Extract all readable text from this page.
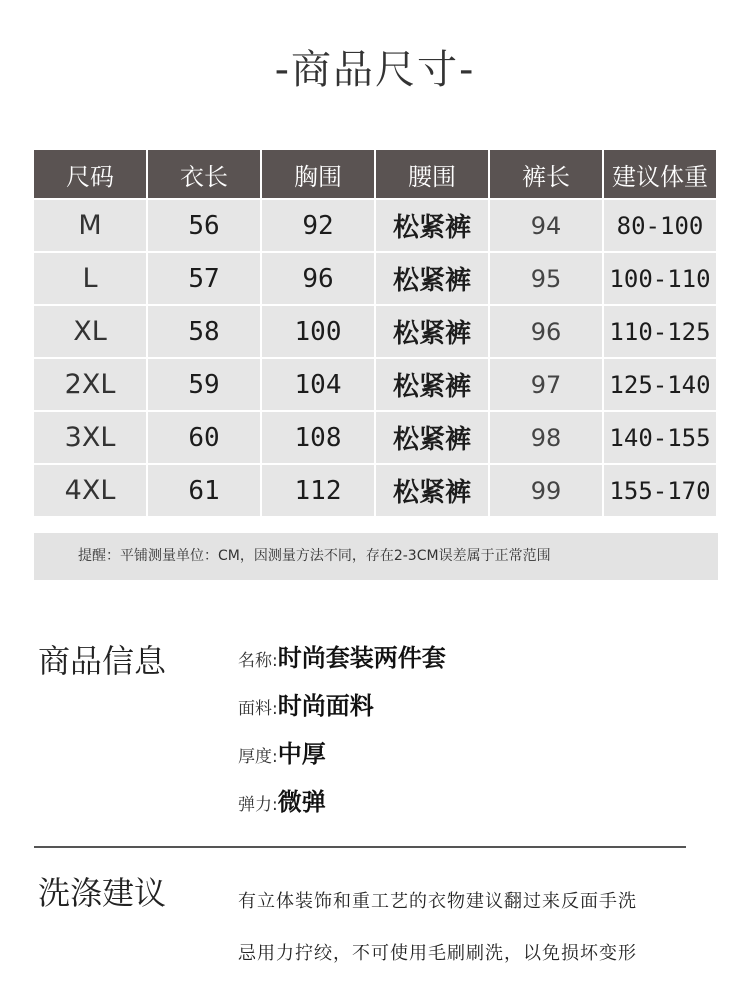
-商品尺寸-
尺码	衣长	胸围	腰围	裤长	建议体重
M	56	92	松紧裤	94	80-100
L	57	96	松紧裤	95	100-110
XL	58	100	松紧裤	96	110-125
2XL	59	104	松紧裤	97	125-140
3XL	60	108	松紧裤	98	140-155
4XL	61	112	松紧裤	99	155-170
提醒：平铺测量单位：CM，因测量方法不同，存在2-3CM误差属于正常范围
商品信息	名称:时尚套装两件套
面料:时尚面料
厚度:中厚
弹力:微弹
洗涤建议	有立体装饰和重工艺的衣物建议翻过来反面手洗
忌用力拧绞，不可使用毛刷刷洗，以免损坏变形
